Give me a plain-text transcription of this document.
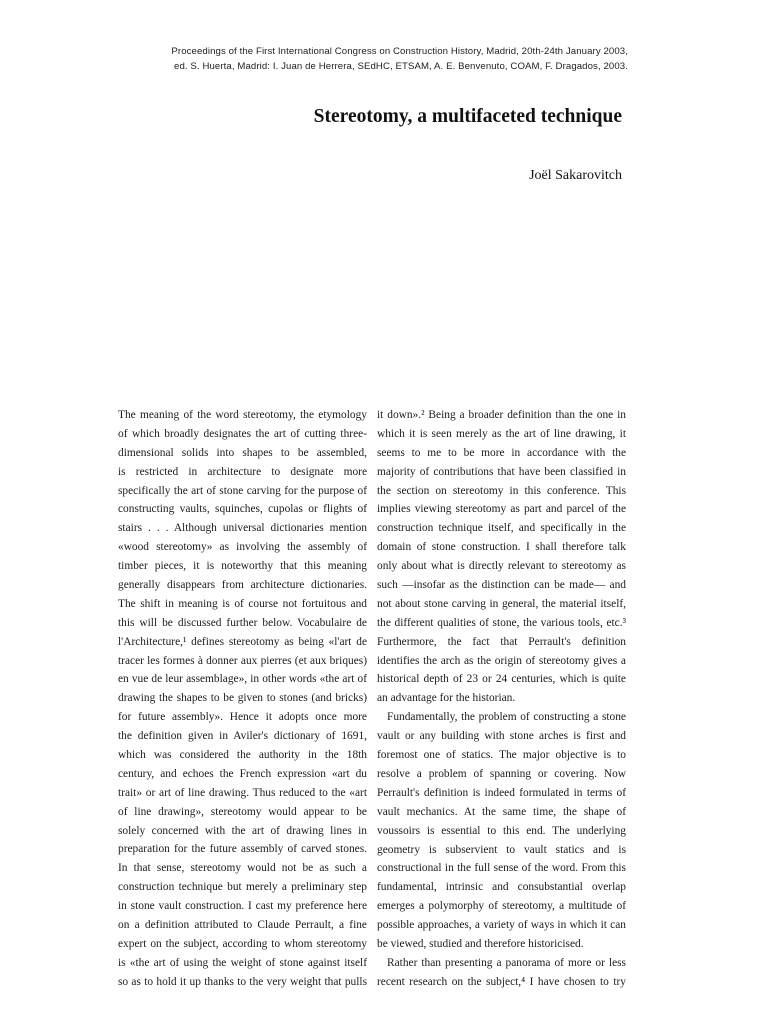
Proceedings of the First International Congress on Construction History, Madrid, 20th-24th January 2003,
ed. S. Huerta, Madrid: I. Juan de Herrera, SEdHC, ETSAM, A. E. Benvenuto, COAM, F. Dragados, 2003.
Stereotomy, a multifaceted technique
Joël Sakarovitch
The meaning of the word stereotomy, the etymology
of which broadly designates the art of cutting three-
dimensional solids into shapes to be assembled,
is restricted in architecture to designate more
specifically the art of stone carving for the purpose of
constructing vaults, squinches, cupolas or flights of
stairs . . . Although universal dictionaries mention
«wood stereotomy» as involving the assembly of
timber pieces, it is noteworthy that this meaning
generally disappears from architecture dictionaries.
The shift in meaning is of course not fortuitous and
this will be discussed further below. Vocabulaire de
l'Architecture,¹ defines stereotomy as being «l'art de
tracer les formes à donner aux pierres (et aux briques)
en vue de leur assemblage», in other words «the art of
drawing the shapes to be given to stones (and bricks)
for future assembly». Hence it adopts once more
the definition given in Aviler's dictionary of 1691,
which was considered the authority in the 18th
century, and echoes the French expression «art du
trait» or art of line drawing. Thus reduced to the «art
of line drawing», stereotomy would appear to be
solely concerned with the art of drawing lines in
preparation for the future assembly of carved stones.
In that sense, stereotomy would not be as such a
construction technique but merely a preliminary step
in stone vault construction. I cast my preference here
on a definition attributed to Claude Perrault, a fine
expert on the subject, according to whom stereotomy
is «the art of using the weight of stone against itself
so as to hold it up thanks to the very weight that pulls
it down».² Being a broader definition than the one in
which it is seen merely as the art of line drawing, it
seems to me to be more in accordance with the
majority of contributions that have been classified in
the section on stereotomy in this conference. This
implies viewing stereotomy as part and parcel of the
construction technique itself, and specifically in the
domain of stone construction. I shall therefore talk
only about what is directly relevant to stereotomy as
such —insofar as the distinction can be made— and
not about stone carving in general, the material itself,
the different qualities of stone, the various tools, etc.³
Furthermore, the fact that Perrault's definition
identifies the arch as the origin of stereotomy gives a
historical depth of 23 or 24 centuries, which is quite
an advantage for the historian.
Fundamentally, the problem of constructing a stone
vault or any building with stone arches is first and
foremost one of statics. The major objective is to
resolve a problem of spanning or covering. Now
Perrault's definition is indeed formulated in terms of
vault mechanics. At the same time, the shape of
voussoirs is essential to this end. The underlying
geometry is subservient to vault statics and is
constructional in the full sense of the word. From this
fundamental, intrinsic and consubstantial overlap
emerges a polymorphy of stereotomy, a multitude of
possible approaches, a variety of ways in which it can
be viewed, studied and therefore historicised.
Rather than presenting a panorama of more or less
recent research on the subject,⁴ I have chosen to try
